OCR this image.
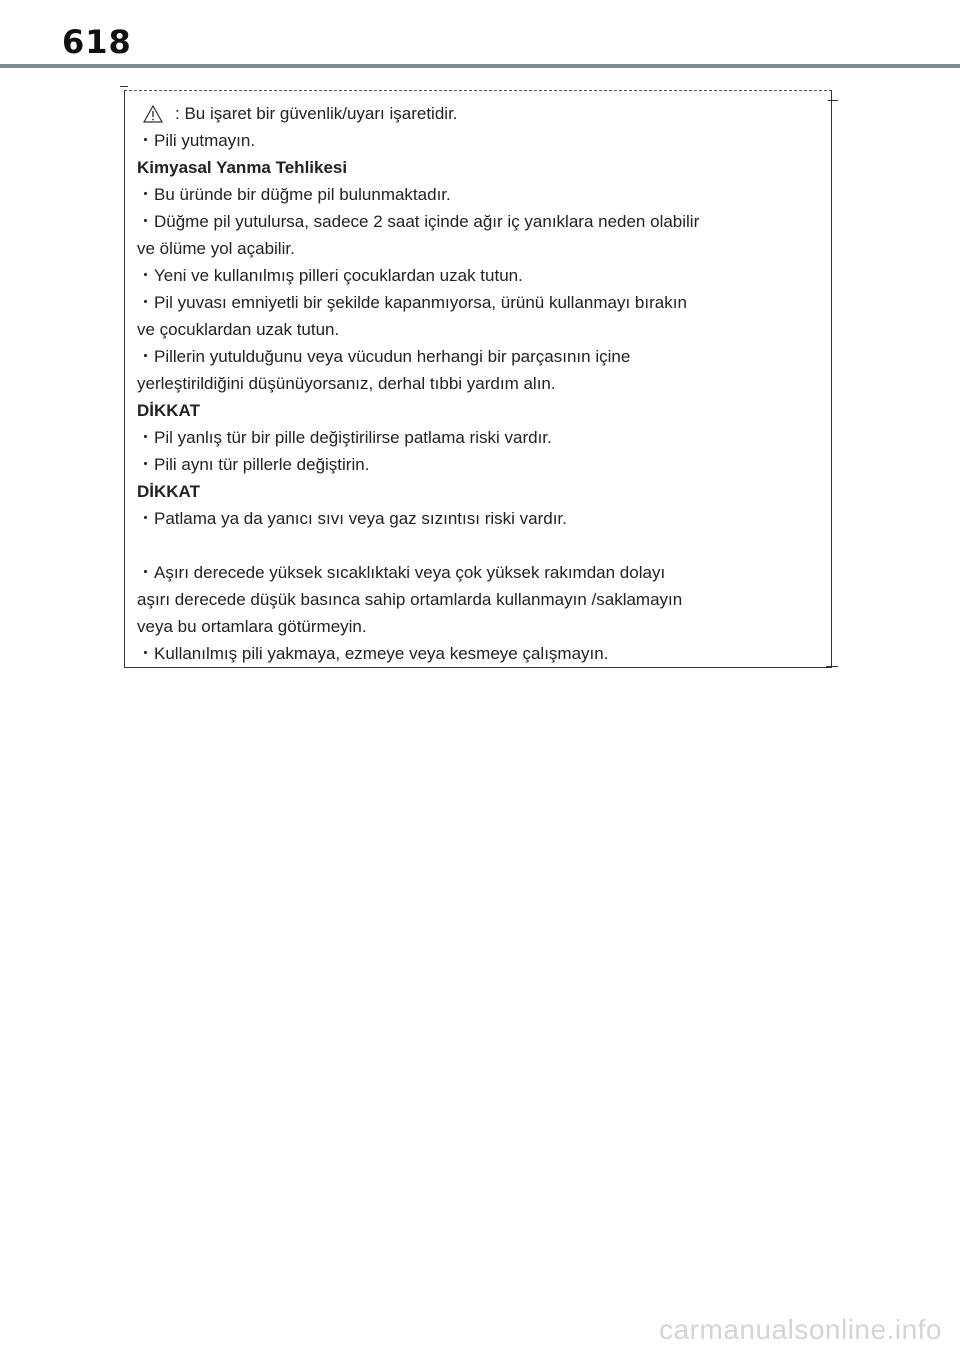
618
: Bu işaret bir güvenlik/uyarı işaretidir.
・Pili yutmayın.
Kimyasal Yanma Tehlikesi
・Bu üründe bir düğme pil bulunmaktadır.
・Düğme pil yutulursa, sadece 2 saat içinde ağır iç yanıklara neden olabilir
ve ölüme yol açabilir.
・Yeni ve kullanılmış pilleri çocuklardan uzak tutun.
・Pil yuvası emniyetli bir şekilde kapanmıyorsa, ürünü kullanmayı bırakın
ve çocuklardan uzak tutun.
・Pillerin yutulduğunu veya vücudun herhangi bir parçasının içine
yerleştirildiğini düşünüyorsanız, derhal tıbbi yardım alın.
DİKKAT
・Pil yanlış tür bir pille değiştirilirse patlama riski vardır.
・Pili aynı tür pillerle değiştirin.
DİKKAT
・Patlama ya da yanıcı sıvı veya gaz sızıntısı riski vardır.
・Aşırı derecede yüksek sıcaklıktaki veya çok yüksek rakımdan dolayı
aşırı derecede düşük basınca sahip ortamlarda kullanmayın /saklamayın
veya bu ortamlara götürmeyin.
・Kullanılmış pili yakmaya, ezmeye veya kesmeye çalışmayın.
carmanualsonline.info
